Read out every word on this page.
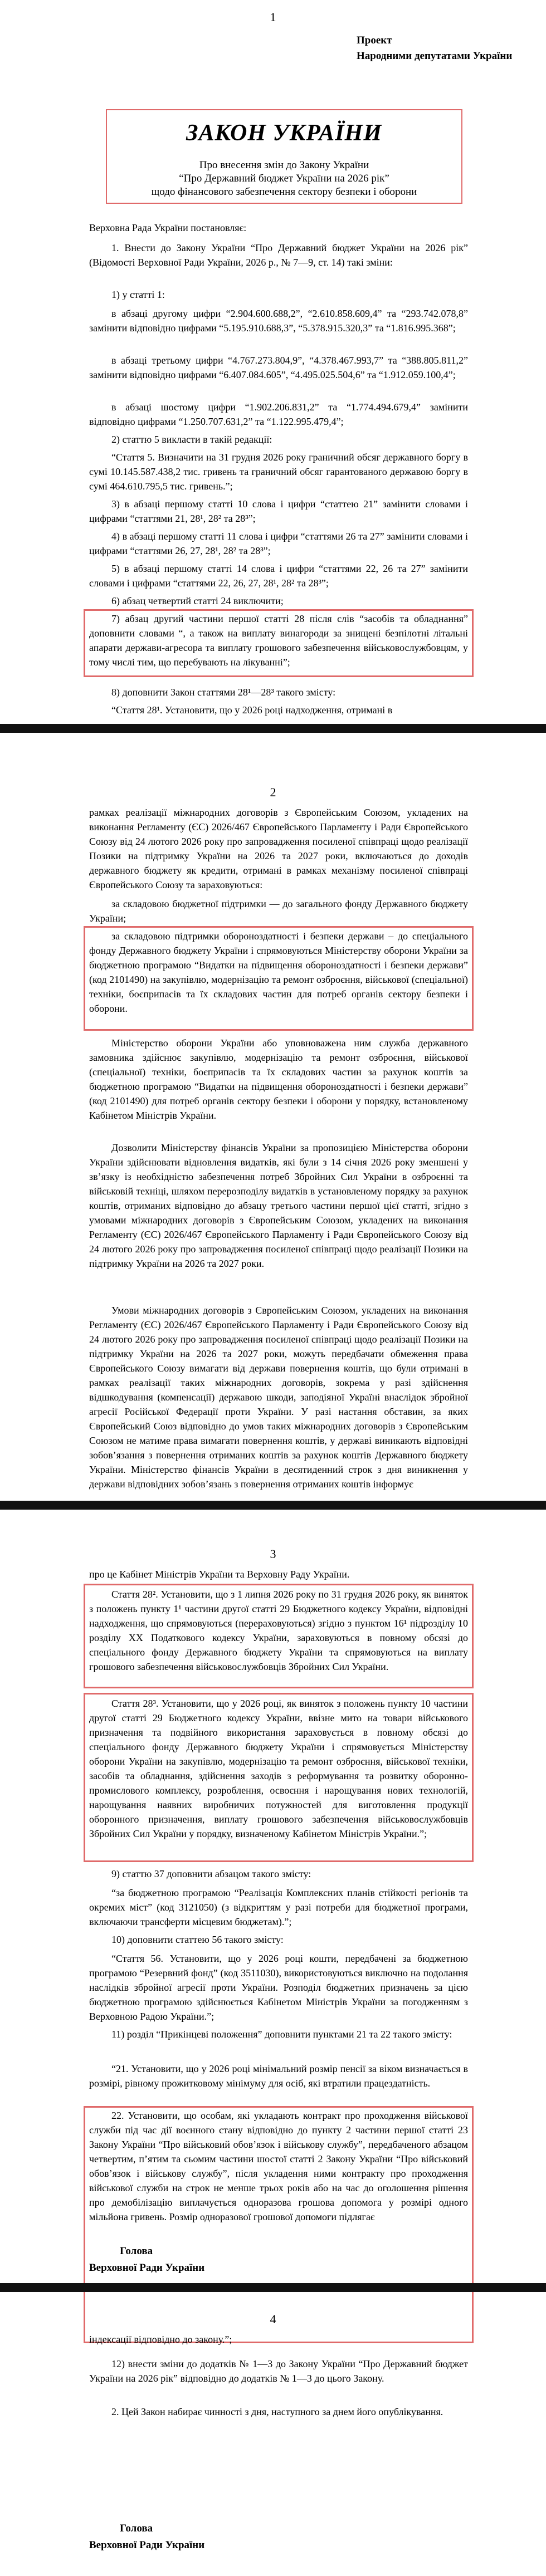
1
Проект
Народними депутатами України
ЗАКОН УКРАЇНИ
Про внесення змін до Закону України
“Про Державний бюджет України на 2026 рік”
щодо фінансового забезпечення сектору безпеки і оборони

Верховна Рада України постановляє:

1. Внести до Закону України “Про Державний бюджет України на 2026 рік” (Відомості Верховної Ради України, 2026 р., № 7—9, ст. 14) такі зміни:

1) у статті 1:

в абзаці другому цифри “2.904.600.688,2”, “2.610.858.609,4” та “293.742.078,8” замінити відповідно цифрами “5.195.910.688,3”, “5.378.915.320,3” та “1.816.995.368”;

в абзаці третьому цифри “4.767.273.804,9”, “4.378.467.993,7” та “388.805.811,2” замінити відповідно цифрами “6.407.084.605”, “4.495.025.504,6” та “1.912.059.100,4”;

в абзаці шостому цифри “1.902.206.831,2” та “1.774.494.679,4” замінити відповідно цифрами “1.250.707.631,2” та “1.122.995.479,4”;

2) статтю 5 викласти в такій редакції:

“Стаття 5. Визначити на 31 грудня 2026 року граничний обсяг державного боргу в сумі 10.145.587.438,2 тис. гривень та граничний обсяг гарантованого державою боргу в сумі 464.610.795,5 тис. гривень.”;

3) в абзаці першому статті 10 слова і цифри “статтею 21” замінити словами і цифрами “статтями 21, 28¹, 28² та 28³”;

4) в абзаці першому статті 11 слова і цифри “статтями 26 та 27” замінити словами і цифрами “статтями 26, 27, 28¹, 28² та 28³”;

5) в абзаці першому статті 14 слова і цифри “статтями 22, 26 та 27” замінити словами і цифрами “статтями 22, 26, 27, 28¹, 28² та 28³”;

6) абзац четвертий статті 24 виключити;

7) абзац другий частини першої статті 28 після слів “засобів та обладнання” доповнити словами “, а також на виплату винагороди за знищені безпілотні літальні апарати держави-агресора та виплату грошового забезпечення військовослужбовцям, у тому числі тим, що перебувають на лікуванні”;

8) доповнити Закон статтями 28¹—28³ такого змісту:

“Стаття 28¹. Установити, що у 2026 році надходження, отримані в

2

рамках реалізації міжнародних договорів з Європейським Союзом, укладених на виконання Регламенту (ЄС) 2026/467 Європейського Парламенту і Ради Європейського Союзу від 24 лютого 2026 року про запровадження посиленої співпраці щодо реалізації Позики на підтримку України на 2026 та 2027 роки, включаються до доходів державного бюджету як кредити, отримані в рамках механізму посиленої співпраці Європейського Союзу та зараховуються:

за складовою бюджетної підтримки — до загального фонду Державного бюджету України;

за складовою підтримки обороноздатності і безпеки держави – до спеціального фонду Державного бюджету України і спрямовуються Міністерству оборони України за бюджетною програмою “Видатки на підвищення обороноздатності і безпеки держави” (код 2101490) на закупівлю, модернізацію та ремонт озброєння, військової (спеціальної) техніки, боєприпасів та їх складових частин для потреб органів сектору безпеки і оборони.

Міністерство оборони України або уповноважена ним служба державного замовника здійснює закупівлю, модернізацію та ремонт озброєння, військової (спеціальної) техніки, боєприпасів та їх складових частин за рахунок коштів за бюджетною програмою “Видатки на підвищення обороноздатності і безпеки держави” (код 2101490) для потреб органів сектору безпеки і оборони у порядку, встановленому Кабінетом Міністрів України.

Дозволити Міністерству фінансів України за пропозицією Міністерства оборони України здійснювати відновлення видатків, які були з 14 січня 2026 року зменшені у зв’язку із необхідністю забезпечення потреб Збройних Сил України в озброєнні та військовій техніці, шляхом перерозподілу видатків в установленому порядку за рахунок коштів, отриманих відповідно до абзацу третього частини першої цієї статті, згідно з умовами міжнародних договорів з Європейським Союзом, укладених на виконання Регламенту (ЄС) 2026/467 Європейського Парламенту і Ради Європейського Союзу від 24 лютого 2026 року про запровадження посиленої співпраці щодо реалізації Позики на підтримку України на 2026 та 2027 роки.

Умови міжнародних договорів з Європейським Союзом, укладених на виконання Регламенту (ЄС) 2026/467 Європейського Парламенту і Ради Європейського Союзу від 24 лютого 2026 року про запровадження посиленої співпраці щодо реалізації Позики на підтримку України на 2026 та 2027 роки, можуть передбачати обмеження права Європейського Союзу вимагати від держави повернення коштів, що були отримані в рамках реалізації таких міжнародних договорів, зокрема у разі здійснення відшкодування (компенсації) державою шкоди, заподіяної Україні внаслідок збройної агресії Російської Федерації проти України. У разі настання обставин, за яких Європейський Союз відповідно до умов таких міжнародних договорів з Європейським Союзом не матиме права вимагати повернення коштів, у державі виникають відповідні зобов’язання з повернення отриманих коштів за рахунок коштів Державного бюджету України. Міністерство фінансів України в десятиденний строк з дня виникнення у держави відповідних зобов’язань з повернення отриманих коштів інформує

3

про це Кабінет Міністрів України та Верховну Раду України.

Стаття 28². Установити, що з 1 липня 2026 року по 31 грудня 2026 року, як виняток з положень пункту 1¹ частини другої статті 29 Бюджетного кодексу України, відповідні надходження, що спрямовуються (перераховуються) згідно з пунктом 16¹ підрозділу 10 розділу XX Податкового кодексу України, зараховуються в повному обсязі до спеціального фонду Державного бюджету України та спрямовуються на виплату грошового забезпечення військовослужбовців Збройних Сил України.

Стаття 28³. Установити, що у 2026 році, як виняток з положень пункту 10 частини другої статті 29 Бюджетного кодексу України, ввізне мито на товари військового призначення та подвійного використання зараховується в повному обсязі до спеціального фонду Державного бюджету України і спрямовується Міністерству оборони України на закупівлю, модернізацію та ремонт озброєння, військової техніки, засобів та обладнання, здійснення заходів з реформування та розвитку оборонно-промислового комплексу, розроблення, освоєння і нарощування нових технологій, нарощування наявних виробничих потужностей для виготовлення продукції оборонного призначення, виплату грошового забезпечення військовослужбовців Збройних Сил України у порядку, визначеному Кабінетом Міністрів України.”;

9) статтю 37 доповнити абзацом такого змісту:

“за бюджетною програмою “Реалізація Комплексних планів стійкості регіонів та окремих міст” (код 3121050) (з відкриттям у разі потреби для бюджетної програми, включаючи трансферти місцевим бюджетам).”;

10) доповнити статтею 56 такого змісту:

“Стаття 56. Установити, що у 2026 році кошти, передбачені за бюджетною програмою “Резервний фонд” (код 3511030), використовуються виключно на подолання наслідків збройної агресії проти України. Розподіл бюджетних призначень за цією бюджетною програмою здійснюється Кабінетом Міністрів України за погодженням з Верховною Радою України.”;

11) розділ “Прикінцеві положення” доповнити пунктами 21 та 22 такого змісту:

“21. Установити, що у 2026 році мінімальний розмір пенсії за віком визначається в розмірі, рівному прожитковому мінімуму для осіб, які втратили працездатність.

22. Установити, що особам, які укладають контракт про проходження військової служби під час дії воєнного стану відповідно до пункту 2 частини першої статті 23 Закону України “Про військовий обов’язок і військову службу”, передбаченого абзацом четвертим, п’ятим та сьомим частини шостої статті 2 Закону України “Про військовий обов’язок і військову службу”, після укладення ними контракту про проходження військової служби на строк не менше трьох років або на час до оголошення рішення про демобілізацію виплачується одноразова грошова допомога у розмірі одного мільйона гривень. Розмір одноразової грошової допомоги підлягає

Голова
Верховної Ради України
4

індексації відповідно до закону.”;

12) внести зміни до додатків № 1—3 до Закону України “Про Державний бюджет України на 2026 рік” відповідно до додатків № 1—3 до цього Закону.

2. Цей Закон набирає чинності з дня, наступного за днем його опублікування.

Голова
Верховної Ради України
